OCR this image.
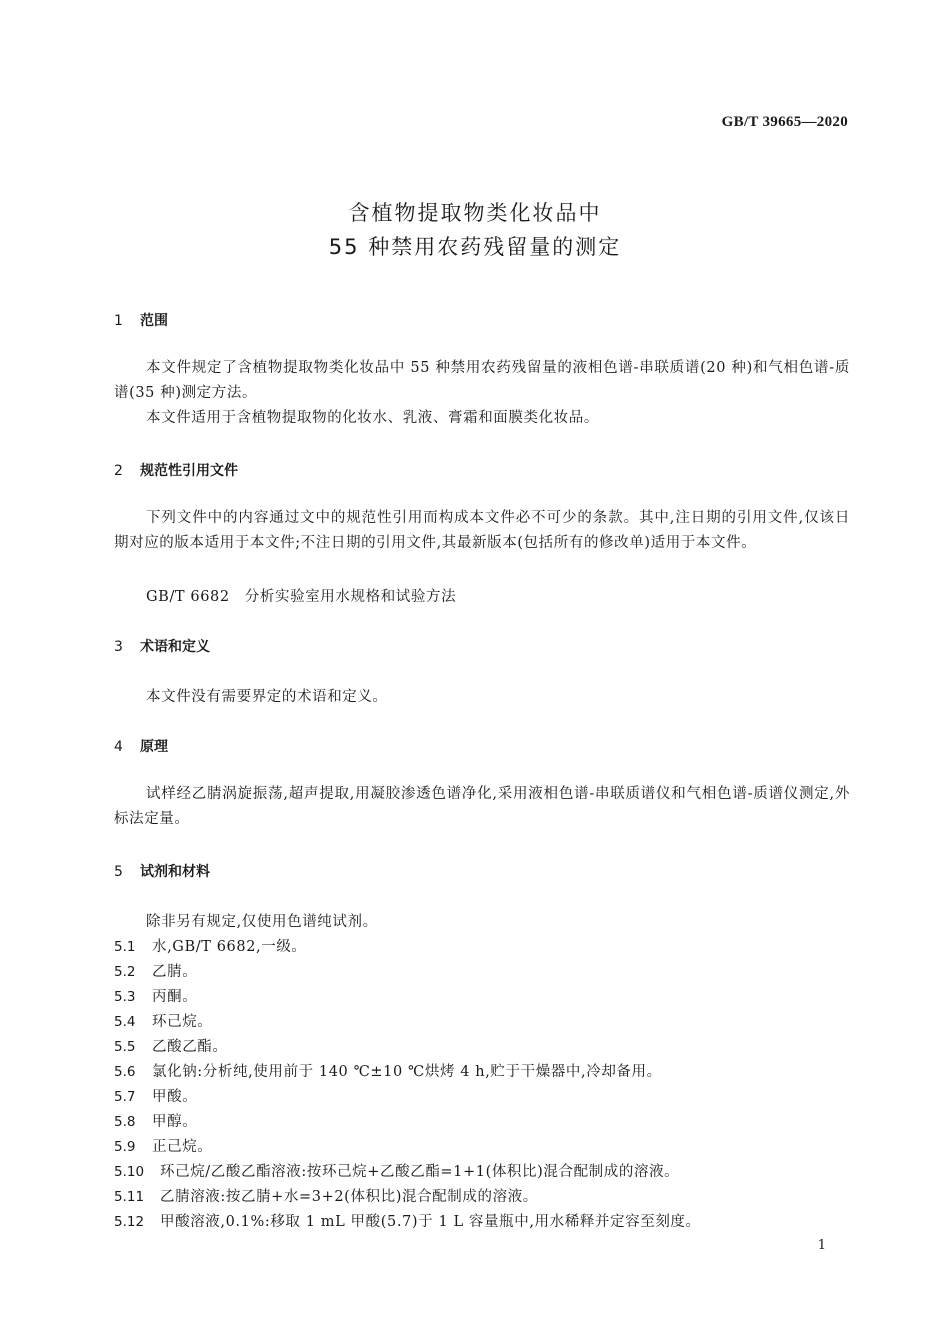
GB/T 39665—2020
含植物提取物类化妆品中
55 种禁用农药残留量的测定
1 范围
本文件规定了含植物提取物类化妆品中 55 种禁用农药残留量的液相色谱-串联质谱(20 种)和气相色谱-质谱(35 种)测定方法。
本文件适用于含植物提取物的化妆水、乳液、膏霜和面膜类化妆品。
2 规范性引用文件
下列文件中的内容通过文中的规范性引用而构成本文件必不可少的条款。其中,注日期的引用文件,仅该日期对应的版本适用于本文件;不注日期的引用文件,其最新版本(包括所有的修改单)适用于本文件。
GB/T 6682　分析实验室用水规格和试验方法
3 术语和定义
本文件没有需要界定的术语和定义。
4 原理
试样经乙腈涡旋振荡,超声提取,用凝胶渗透色谱净化,采用液相色谱-串联质谱仪和气相色谱-质谱仪测定,外标法定量。
5 试剂和材料
除非另有规定,仅使用色谱纯试剂。
5.1 水,GB/T 6682,一级。
5.2 乙腈。
5.3 丙酮。
5.4 环己烷。
5.5 乙酸乙酯。
5.6 氯化钠:分析纯,使用前于 140 ℃±10 ℃烘烤 4 h,贮于干燥器中,冷却备用。
5.7 甲酸。
5.8 甲醇。
5.9 正己烷。
5.10 环己烷/乙酸乙酯溶液:按环己烷+乙酸乙酯=1+1(体积比)混合配制成的溶液。
5.11 乙腈溶液:按乙腈+水=3+2(体积比)混合配制成的溶液。
5.12 甲酸溶液,0.1%:移取 1 mL 甲酸(5.7)于 1 L 容量瓶中,用水稀释并定容至刻度。
1
